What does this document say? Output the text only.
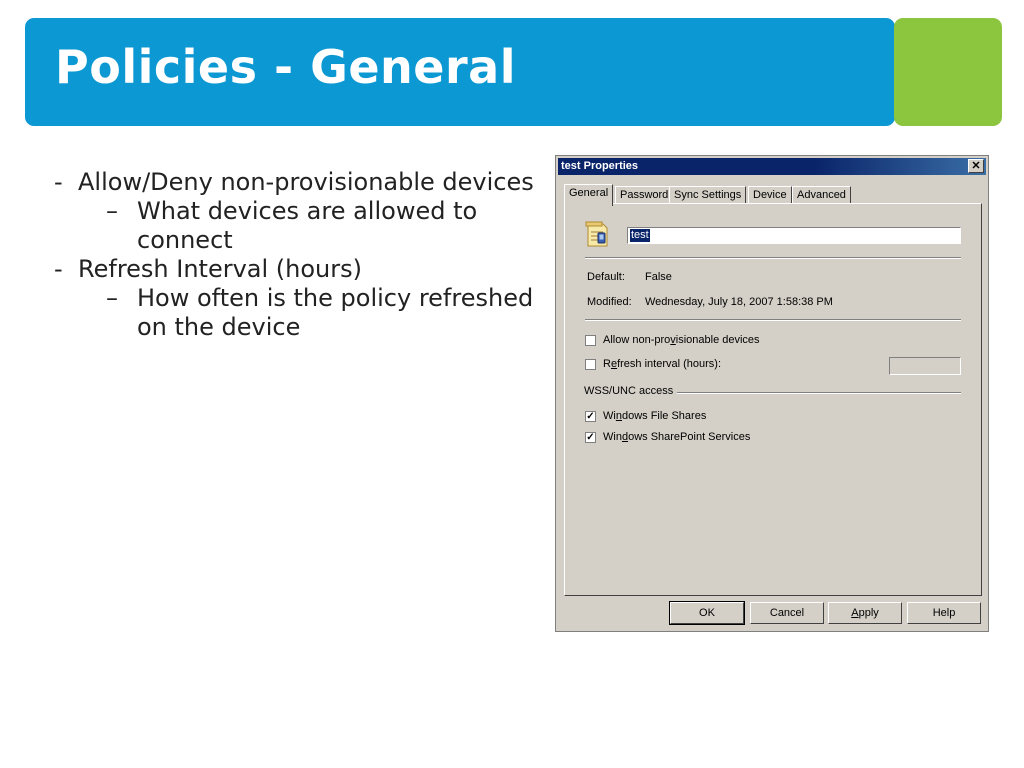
Policies - General
- Allow/Deny non-provisionable devices
– What devices are allowed to connect
- Refresh Interval (hours)
– How often is the policy refreshed on the device
test Properties	✕
General	Password Sync Settings	Device Advanced
test
Default: False
Modified: Wednesday, July 18, 2007 1:58:38 PM
Allow non-provisionable devices
Refresh interval (hours):
WSS/UNC access
✓ Windows File Shares
✓ Windows SharePoint Services
OK	Cancel	Apply	Help
